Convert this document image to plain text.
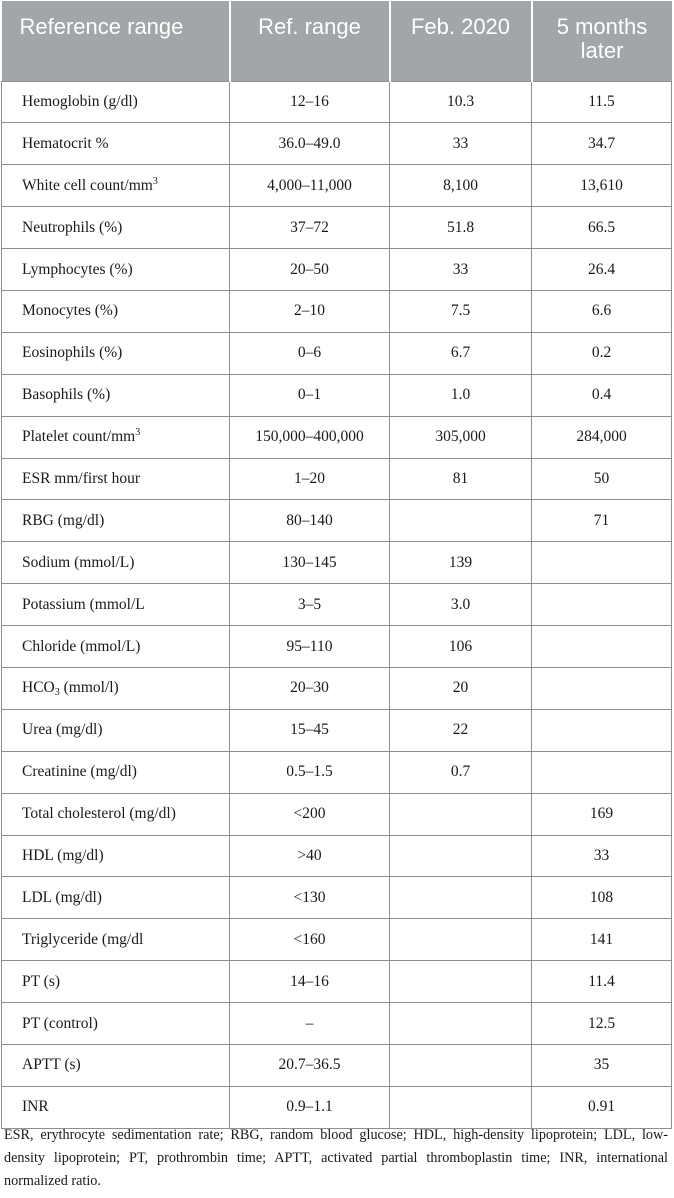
Reference range	Ref. range	Feb. 2020	5 months later
Hemoglobin (g/dl)	12–16	10.3	11.5
Hematocrit %	36.0–49.0	33	34.7
White cell count/$mm^3$	4,000–11,000	8,100	13,610
Neutrophils (%)	37–72	51.8	66.5
Lymphocytes (%)	20–50	33	26.4
Monocytes (%)	2–10	7.5	6.6
Eosinophils (%)	0–6	6.7	0.2
Basophils (%)	0–1	1.0	0.4
Platelet count/$mm^3$	150,000–400,000	305,000	284,000
ESR mm/first hour	1–20	81	50
RBG (mg/dl)	80–140		71
Sodium (mmol/L)	130–145	139	
Potassium (mmol/L	3–5	3.0	
Chloride (mmol/L)	95–110	106	
$HCO_3$ (mmol/l)	20–30	20	
Urea (mg/dl)	15–45	22	
Creatinine (mg/dl)	0.5–1.5	0.7	
Total cholesterol (mg/dl)	<200		169
HDL (mg/dl)	>40		33
LDL (mg/dl)	<130		108
Triglyceride (mg/dl	<160		141
PT (s)	14–16		11.4
PT (control)	–		12.5
APTT (s)	20.7–36.5		35
INR	0.9–1.1		0.91

ESR, erythrocyte sedimentation rate; RBG, random blood glucose; HDL, high-density lipoprotein; LDL, low-density lipoprotein; PT, prothrombin time; APTT, activated partial thromboplastin time; INR, international normalized ratio.
